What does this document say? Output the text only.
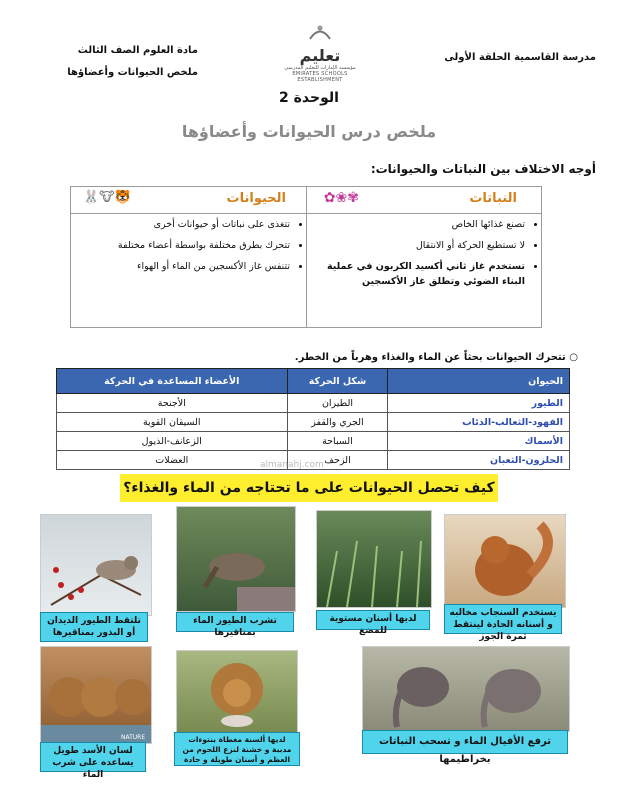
مدرسة القاسمية الحلقة الأولى
مادة العلوم الصف الثالث
ملخص الحيوانات وأعضاؤها
تعليم
مؤسسة الإمارات للتعليم المدرسي
EMIRATES SCHOOLS ESTABLISHMENT
الوحدة 2
ملخص درس الحيوانات وأعضاؤها
أوجه الاختلاف بين النباتات والحيوانات:
النباتات
✿❀✾
• تصنع غذائها الخاص
• لا تستطيع الحركة أو الانتقال
• تستخدم غاز ثاني أكسيد الكربون في عملية البناء الضوئي وتطلق غاز الأكسجين
الحيوانات
🐰🐮🐯
• تتغذى على نباتات أو حيوانات أخرى
• تتحرك بطرق مختلفة بواسطة أعضاء مختلفة
• تتنفس غاز الأكسجين من الماء أو الهواء
○ تتحرك الحيوانات بحثاً عن الماء والغذاء وهرباً من الخطر.
الحيوان	شكل الحركة	الأعضاء المساعدة في الحركة
الطيور	الطيران	الأجنحة
الفهود-الثعالب-الذئاب	الجري والقفز	السيقان القوية
الأسماك	السباحة	الزعانف-الذيول
الحلزون-الثعبان	الزحف	العضلات	almanahj.com
كيف تحصل الحيوانات على ما تحتاجه من الماء والغذاء؟
تلتقط الطيور الديدان أو البذور بمناقيرها
تشرب الطيور الماء بمناقيرها
لديها أسنان مستوية للمضغ
يستخدم السنجاب مخالبه و أسنانه الحادة لينتقط ثمرة الجوز
NATURE
لسان الأسد طويل يساعده على شرب الماء
لديها ألسنة مغطاة بنتوءات مدببة و خشنة لنزع اللحوم من العظم و أسنان طويلة و حادة
ترفع الأفيال الماء و تسحب النباتات بخراطيمها
